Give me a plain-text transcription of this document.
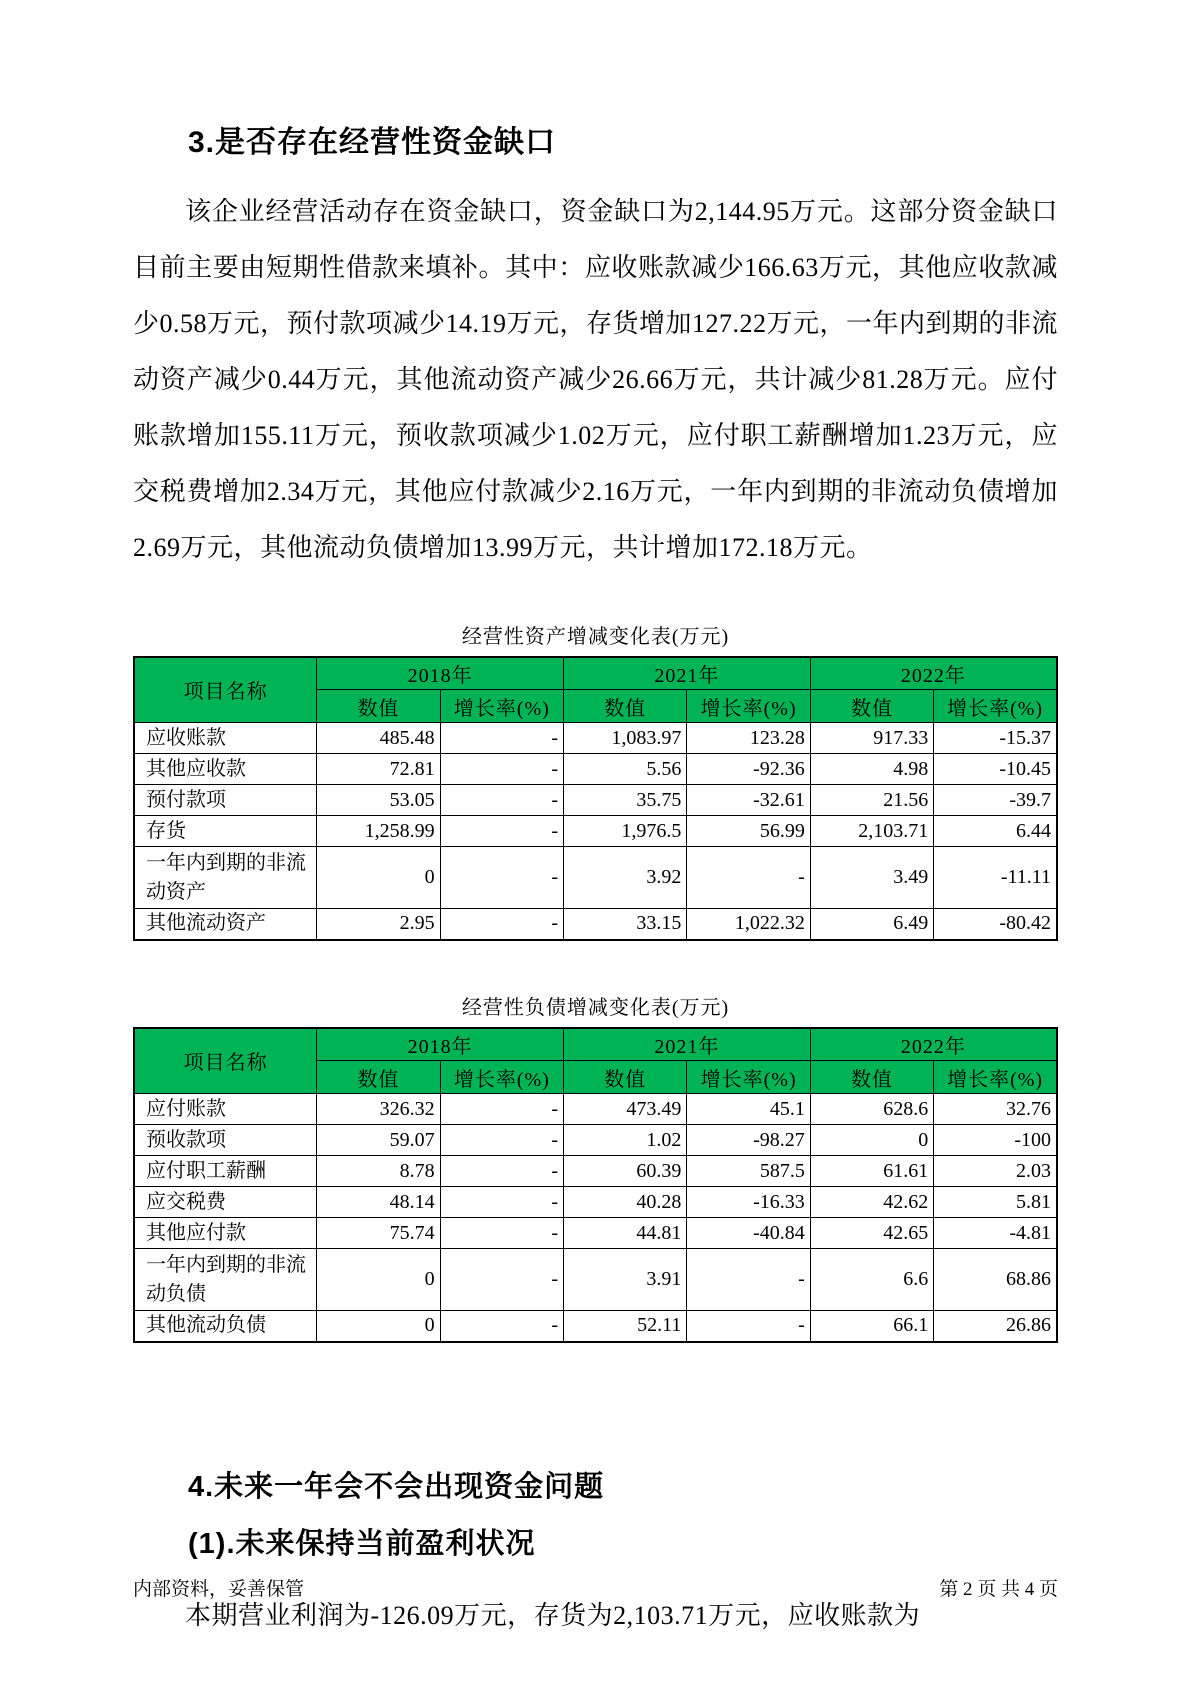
3.是否存在经营性资金缺口

该企业经营活动存在资金缺口，资金缺口为2,144.95万元。这部分资金缺口目前主要由短期性借款来填补。其中：应收账款减少166.63万元，其他应收款减少0.58万元，预付款项减少14.19万元，存货增加127.22万元，一年内到期的非流动资产减少0.44万元，其他流动资产减少26.66万元，共计减少81.28万元。应付账款增加155.11万元，预收款项减少1.02万元，应付职工薪酬增加1.23万元，应交税费增加2.34万元，其他应付款减少2.16万元，一年内到期的非流动负债增加2.69万元，其他流动负债增加13.99万元，共计增加172.18万元。

经营性资产增减变化表(万元)
项目名称	2018年		2021年		2022年	
	数值	增长率(%)	数值	增长率(%)	数值	增长率(%)
应收账款	485.48	-	1,083.97	123.28	917.33	-15.37
其他应收款	72.81	-	5.56	-92.36	4.98	-10.45
预付款项	53.05	-	35.75	-32.61	21.56	-39.7
存货	1,258.99	-	1,976.5	56.99	2,103.71	6.44
一年内到期的非流动资产	0	-	3.92	-	3.49	-11.11
其他流动资产	2.95	-	33.15	1,022.32	6.49	-80.42
经营性负债增减变化表(万元)
项目名称	2018年		2021年		2022年	
	数值	增长率(%)	数值	增长率(%)	数值	增长率(%)
应付账款	326.32	-	473.49	45.1	628.6	32.76
预收款项	59.07	-	1.02	-98.27	0	-100
应付职工薪酬	8.78	-	60.39	587.5	61.61	2.03
应交税费	48.14	-	40.28	-16.33	42.62	5.81
其他应付款	75.74	-	44.81	-40.84	42.65	-4.81
一年内到期的非流动负债	0	-	3.91	-	6.6	68.86
其他流动负债	0	-	52.11	-	66.1	26.86
4.未来一年会不会出现资金问题
(1).未来保持当前盈利状况

本期营业利润为-126.09万元，存货为2,103.71万元，应收账款为

内部资料，妥善保管	第 2 页 共 4 页
